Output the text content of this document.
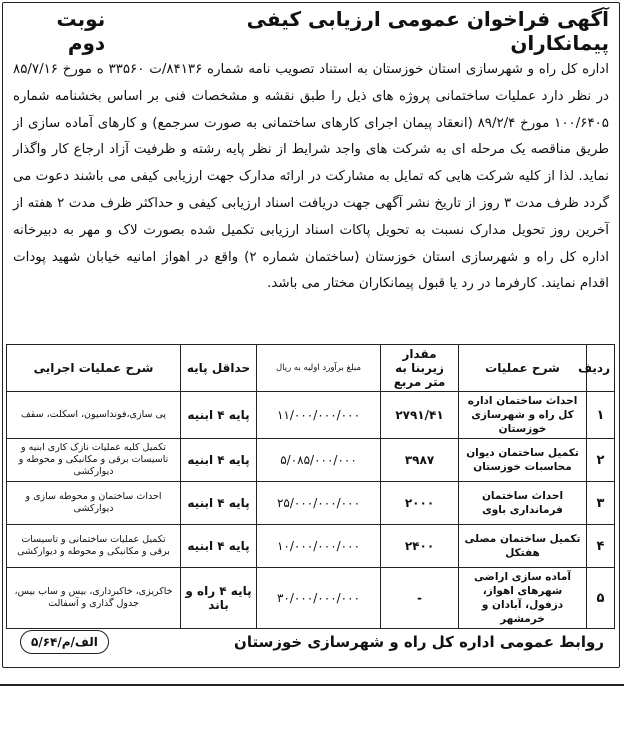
آگهی فراخوان عمومی ارزیابی کیفی پیمانکاران
نوبت دوم

اداره کل راه و شهرسازی استان خوزستان به استناد تصویب نامه شماره ۸۴۱۳۶/ت ۳۳۵۶۰ ه مورخ ۸۵/۷/۱۶ در نظر دارد عملیات ساختمانی پروژه های ذیل را طبق نقشه و مشخصات فنی بر اساس بخشنامه شماره ۱۰۰/۶۴۰۵ مورخ ۸۹/۲/۴ (انعقاد پیمان اجرای کارهای ساختمانی به صورت سرجمع) و کارهای آماده سازی از طریق مناقصه یک مرحله ای به شرکت های واجد شرایط از نظر پایه رشته و ظرفیت آزاد ارجاع کار واگذار نماید. لذا از کلیه شرکت هایی که تمایل به مشارکت در ارائه مدارک جهت ارزیابی کیفی می باشند دعوت می گردد ظرف مدت ۳ روز از تاریخ نشر آگهی جهت دریافت اسناد ارزیابی کیفی و حداکثر ظرف مدت ۲ هفته از آخرین روز تحویل مدارک نسبت به تحویل پاکات اسناد ارزیابی تکمیل شده بصورت لاک و مهر به دبیرخانه اداره کل راه و شهرسازی استان خوزستان (ساختمان شماره ۲) واقع در اهواز امانیه خیابان شهید پودات اقدام نمایند. کارفرما در رد یا قبول پیمانکاران مختار می باشد.

ردیف	شرح عملیات	مقدار زیربنا به متر مربع	مبلغ برآورد اولیه به ریال	حداقل پایه	شرح عملیات اجرایی
۱	احداث ساختمان اداره کل راه و شهرسازی خوزستان	۲۷۹۱/۴۱	۱۱/۰۰۰/۰۰۰/۰۰۰	پایه ۴ ابنیه	پی سازی،فونداسیون، اسکلت، سقف
۲	تکمیل ساختمان دیوان محاسبات خوزستان	۳۹۸۷	۵/۰۸۵/۰۰۰/۰۰۰	پایه ۴ ابنیه	تکمیل کلیه عملیات نازک کاری ابنیه و تاسیسات برقی و مکانیکی و محوطه و دیوارکشی
۳	احداث ساختمان فرمانداری باوی	۲۰۰۰	۲۵/۰۰۰/۰۰۰/۰۰۰	پایه ۴ ابنیه	احداث ساختمان و محوطه سازی و دیوارکشی
۴	تکمیل ساختمان مصلی هفتکل	۲۴۰۰	۱۰/۰۰۰/۰۰۰/۰۰۰	پایه ۴ ابنیه	تکمیل عملیات ساختمانی و تاسیسات برقی و مکانیکی و محوطه و دیوارکشی
۵	آماده سازی اراضی شهرهای اهواز، دزفول، آبادان و خرمشهر	-	۳۰/۰۰۰/۰۰۰/۰۰۰	پایه ۴ راه و باند	خاکریزی، خاکبرداری، بیس و ساب بیس، جدول گذاری و آسفالت
روابط عمومی اداره کل راه و شهرسازی خوزستان
الف/م/۵/۶۴
